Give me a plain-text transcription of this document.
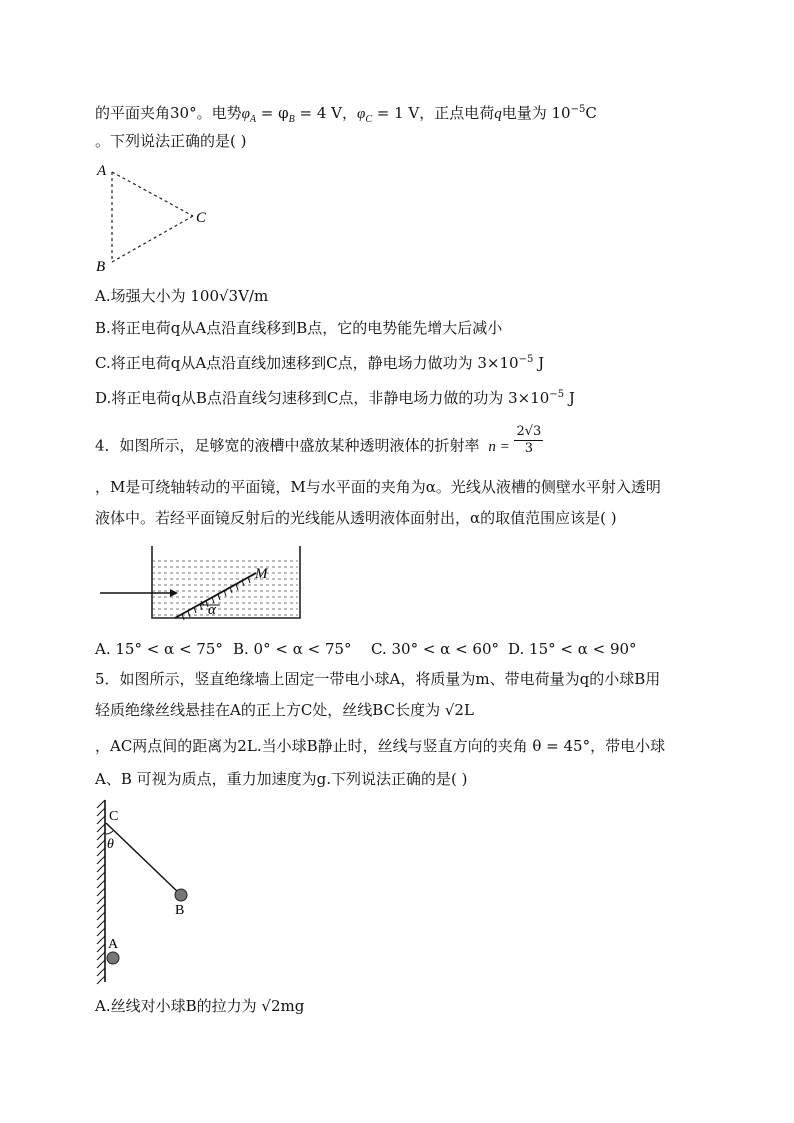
的平面夹角30°。电势$\varphi_A = \varphi_B = 4$ V，$\varphi_C = 1$ V，正点电荷q电量为 $10^{-5}C$
。下列说法正确的是( )
A
B
C
A.场强大小为 100√3V/m
B.将正电荷q从A点沿直线移到B点，它的电势能先增大后减小
C.将正电荷q从A点沿直线加速移到C点，静电场力做功为 $3\times 10^{-5}$ J
D.将正电荷q从B点沿直线匀速移到C点，非静电场力做的功为 $3\times 10^{-5}$ J
4．如图所示，足够宽的液槽中盛放某种透明液体的折射率 $n = \frac{2√3}{3}$
，M是可绕轴转动的平面镜，M与水平面的夹角为α。光线从液槽的侧壁水平射入透明
液体中。若经平面镜反射后的光线能从透明液体面射出，α的取值范围应该是( )
α
M
A. 15° < α < 75° B. 0° < α < 75° C. 30° < α < 60° D. 15° < α < 90°
5．如图所示，竖直绝缘墙上固定一带电小球A，将质量为m、带电荷量为q的小球B用
轻质绝缘丝线悬挂在A的正上方C处，丝线BC长度为 √2L
，AC两点间的距离为2L.当小球B静止时，丝线与竖直方向的夹角 θ = 45°，带电小球
A、B 可视为质点，重力加速度为g.下列说法正确的是( )
C
θ
B
A
A.丝线对小球B的拉力为 √2mg
